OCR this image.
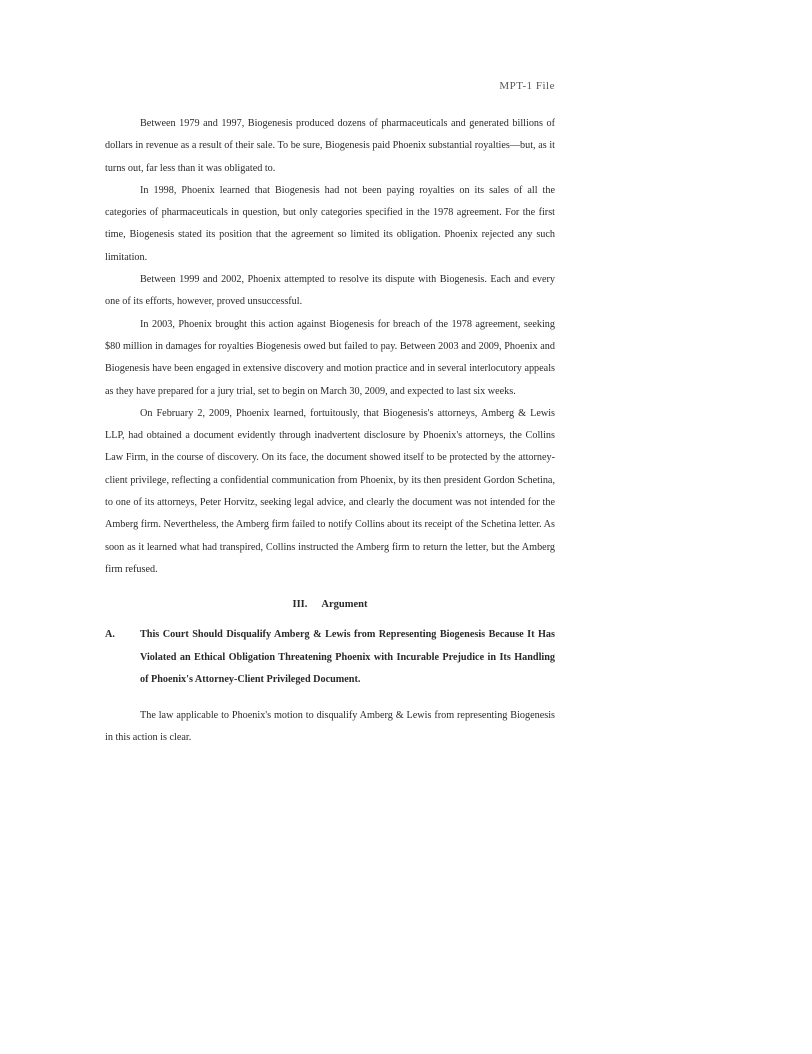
MPT-1 File

Between 1979 and 1997, Biogenesis produced dozens of pharmaceuticals and generated billions of dollars in revenue as a result of their sale. To be sure, Biogenesis paid Phoenix substantial royalties—but, as it turns out, far less than it was obligated to.

In 1998, Phoenix learned that Biogenesis had not been paying royalties on its sales of all the categories of pharmaceuticals in question, but only categories specified in the 1978 agreement. For the first time, Biogenesis stated its position that the agreement so limited its obligation. Phoenix rejected any such limitation.

Between 1999 and 2002, Phoenix attempted to resolve its dispute with Biogenesis. Each and every one of its efforts, however, proved unsuccessful.

In 2003, Phoenix brought this action against Biogenesis for breach of the 1978 agreement, seeking $80 million in damages for royalties Biogenesis owed but failed to pay. Between 2003 and 2009, Phoenix and Biogenesis have been engaged in extensive discovery and motion practice and in several interlocutory appeals as they have prepared for a jury trial, set to begin on March 30, 2009, and expected to last six weeks.

On February 2, 2009, Phoenix learned, fortuitously, that Biogenesis's attorneys, Amberg & Lewis LLP, had obtained a document evidently through inadvertent disclosure by Phoenix's attorneys, the Collins Law Firm, in the course of discovery. On its face, the document showed itself to be protected by the attorney-client privilege, reflecting a confidential communication from Phoenix, by its then president Gordon Schetina, to one of its attorneys, Peter Horvitz, seeking legal advice, and clearly the document was not intended for the Amberg firm. Nevertheless, the Amberg firm failed to notify Collins about its receipt of the Schetina letter. As soon as it learned what had transpired, Collins instructed the Amberg firm to return the letter, but the Amberg firm refused.

III. Argument
A.	This Court Should Disqualify Amberg & Lewis from Representing Biogenesis Because It Has Violated an Ethical Obligation Threatening Phoenix with Incurable Prejudice in Its Handling of Phoenix's Attorney-Client Privileged Document.

The law applicable to Phoenix's motion to disqualify Amberg & Lewis from representing Biogenesis in this action is clear.
